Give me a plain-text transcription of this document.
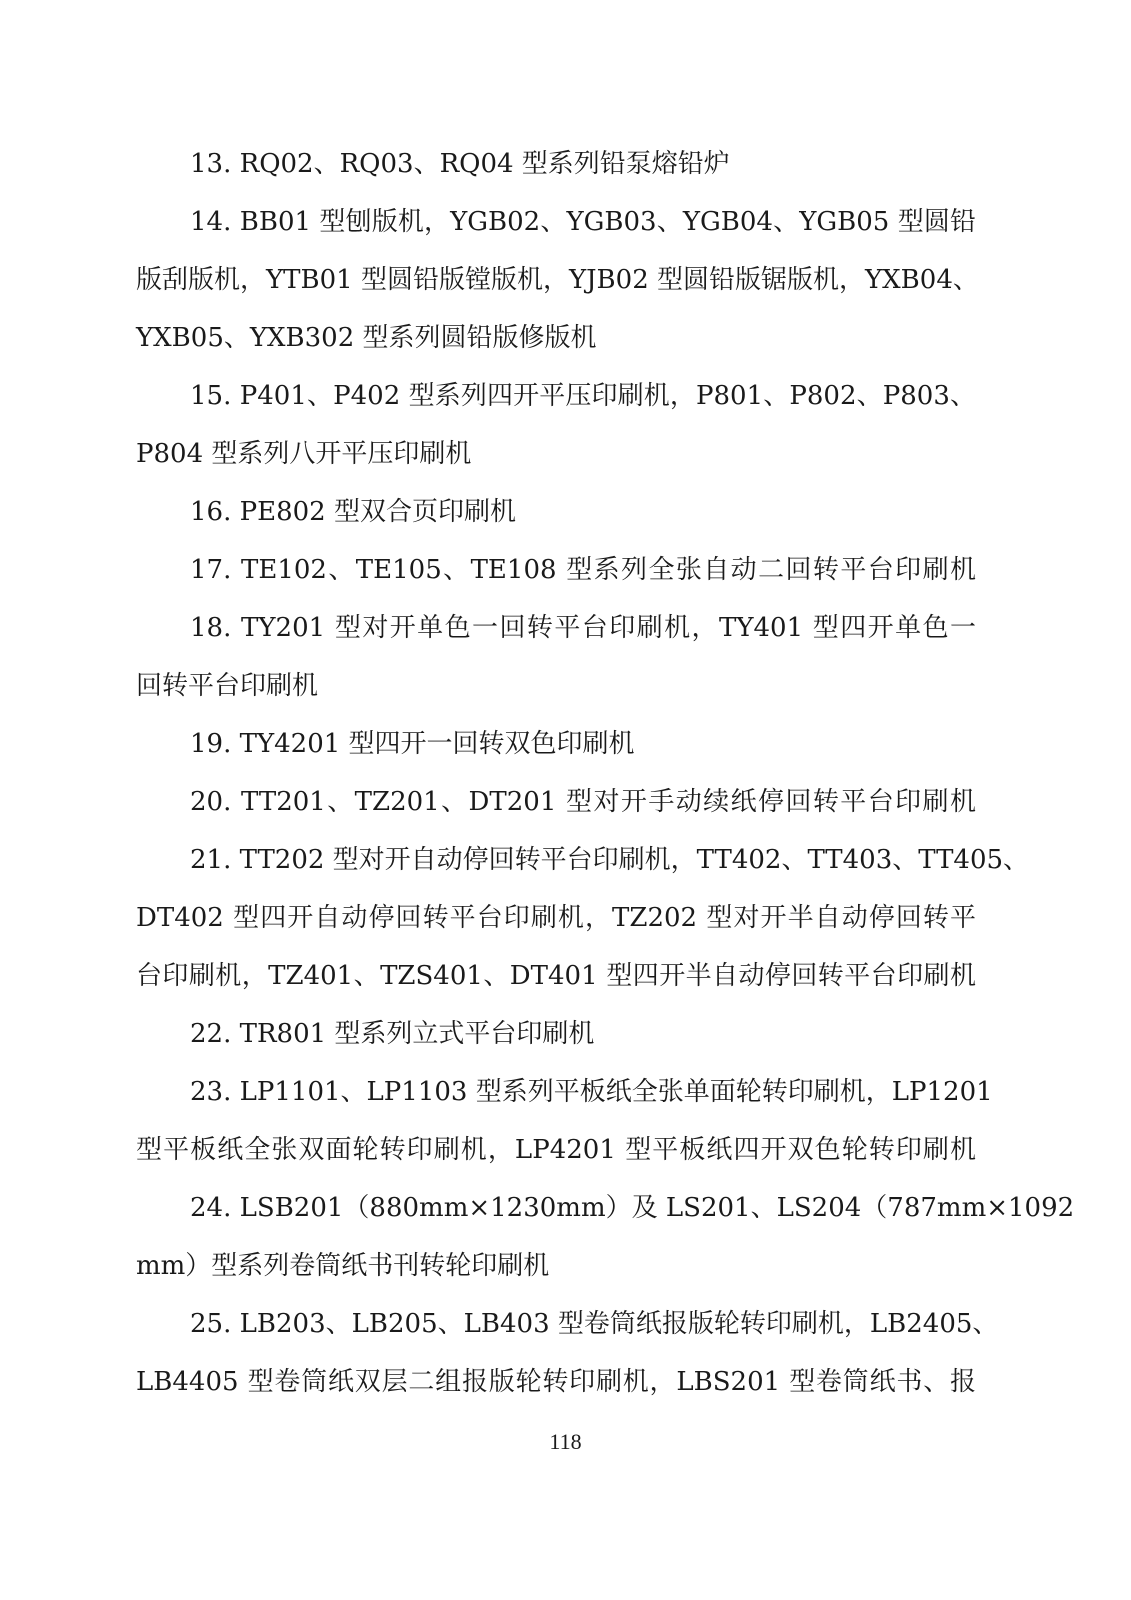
13. RQ02、RQ03、RQ04 型系列铅泵熔铅炉
14. BB01 型刨版机，YGB02、YGB03、YGB04、YGB05 型圆铅
版刮版机，YTB01 型圆铅版镗版机，YJB02 型圆铅版锯版机，YXB04、
YXB05、YXB302 型系列圆铅版修版机
15. P401、P402 型系列四开平压印刷机，P801、P802、P803、
P804 型系列八开平压印刷机
16. PE802 型双合页印刷机
17. TE102、TE105、TE108 型系列全张自动二回转平台印刷机
18. TY201 型对开单色一回转平台印刷机，TY401 型四开单色一
回转平台印刷机
19. TY4201 型四开一回转双色印刷机
20. TT201、TZ201、DT201 型对开手动续纸停回转平台印刷机
21. TT202 型对开自动停回转平台印刷机，TT402、TT403、TT405、
DT402 型四开自动停回转平台印刷机，TZ202 型对开半自动停回转平
台印刷机，TZ401、TZS401、DT401 型四开半自动停回转平台印刷机
22. TR801 型系列立式平台印刷机
23. LP1101、LP1103 型系列平板纸全张单面轮转印刷机，LP1201
型平板纸全张双面轮转印刷机，LP4201 型平板纸四开双色轮转印刷机
24. LSB201（880mm×1230mm）及 LS201、LS204（787mm×1092
mm）型系列卷筒纸书刊转轮印刷机
25. LB203、LB205、LB403 型卷筒纸报版轮转印刷机，LB2405、
LB4405 型卷筒纸双层二组报版轮转印刷机，LBS201 型卷筒纸书、报
118
